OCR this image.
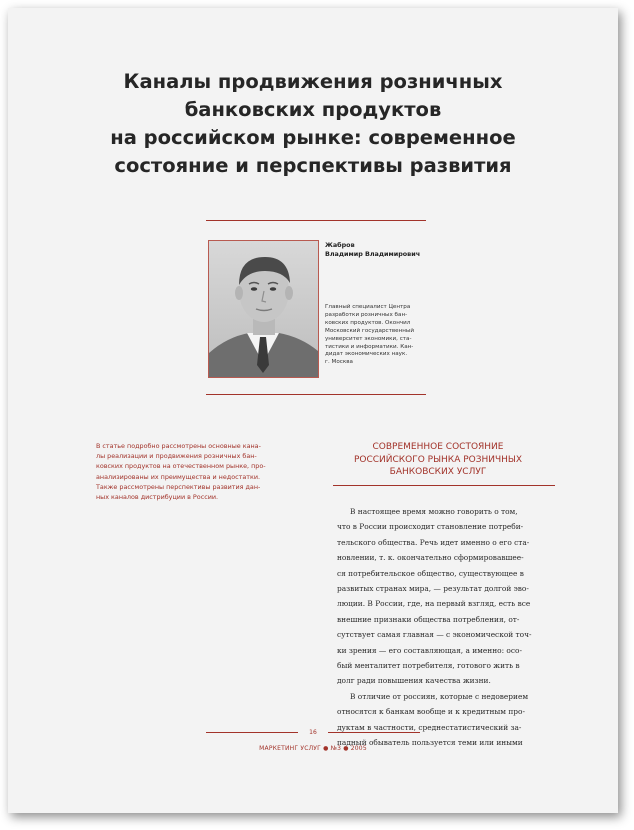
Каналы продвижения розничных
банковских продуктов
на российском рынке: современное
состояние и перспективы развития
Жабров
Владимир Владимирович
Главный специалист Центра
разработки розничных бан-
ковских продуктов. Окончил
Московский государственный
университет экономики, ста-
тистики и информатики. Кан-
дидат экономических наук.
г. Москва
В статье подробно рассмотрены основные кана-
лы реализации и продвижения розничных бан-
ковских продуктов на отечественном рынке, про-
анализированы их преимущества и недостатки.
Также рассмотрены перспективы развития дан-
ных каналов дистрибуции в России.
СОВРЕМЕННОЕ СОСТОЯНИЕ
РОССИЙСКОГО РЫНКА РОЗНИЧНЫХ
БАНКОВСКИХ УСЛУГ
В настоящее время можно говорить о том,
что в России происходит становление потреби-
тельского общества. Речь идет именно о его ста-
новлении, т. к. окончательно сформировавшее-
ся потребительское общество, существующее в
развитых странах мира, — результат долгой эво-
люции. В России, где, на первый взгляд, есть все
внешние признаки общества потребления, от-
сутствует самая главная — с экономической точ-
ки зрения — его составляющая, а именно: осо-
бый менталитет потребителя, готового жить в
долг ради повышения качества жизни.
В отличие от россиян, которые с недоверием
относятся к банкам вообще и к кредитным про-
дуктам в частности, среднестатистический за-
падный обыватель пользуется теми или иными
16
МАРКЕТИНГ УСЛУГ ● №3 ● 2005
